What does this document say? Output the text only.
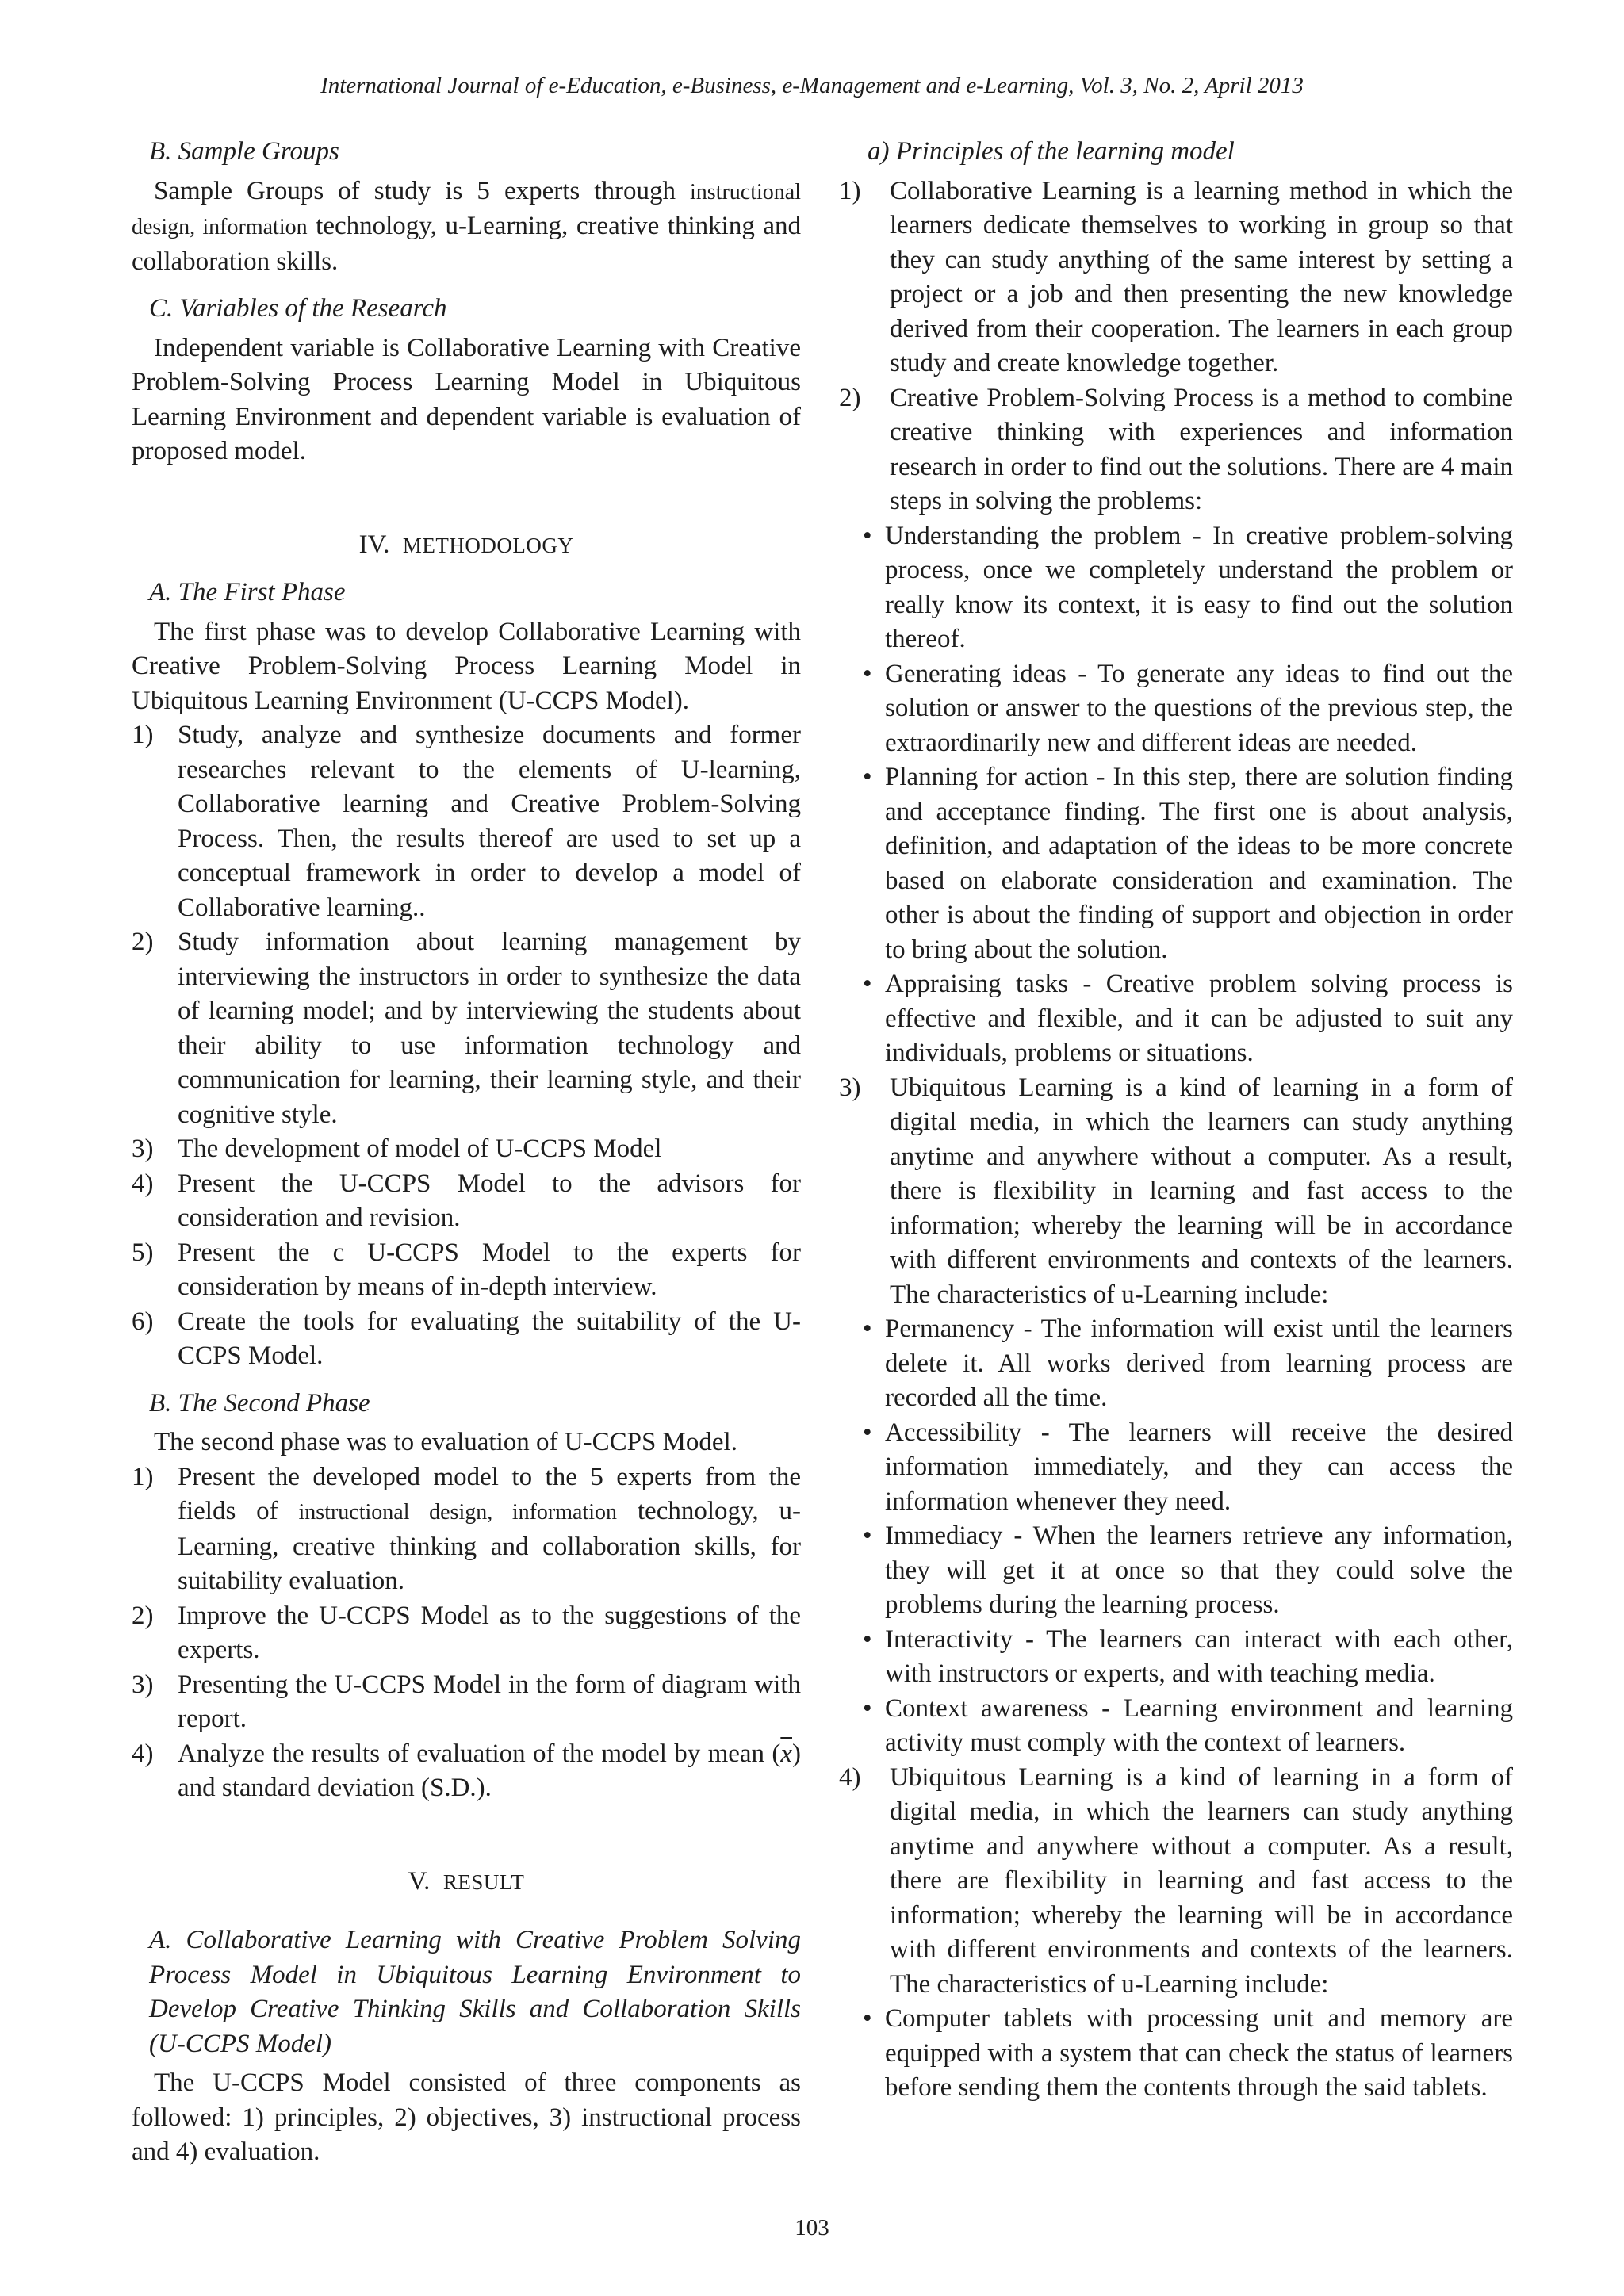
International Journal of e-Education, e-Business, e-Management and e-Learning, Vol. 3, No. 2, April 2013
B. Sample Groups

Sample Groups of study is 5 experts through instructional design, information technology, u-Learning, creative thinking and collaboration skills.

C. Variables of the Research

Independent variable is Collaborative Learning with Creative Problem-Solving Process Learning Model in Ubiquitous Learning Environment and dependent variable is evaluation of proposed model.

IV. METHODOLOGY
A. The First Phase

The first phase was to develop Collaborative Learning with Creative Problem-Solving Process Learning Model in Ubiquitous Learning Environment (U-CCPS Model).

1) Study, analyze and synthesize documents and former researches relevant to the elements of U-learning, Collaborative learning and Creative Problem-Solving Process. Then, the results thereof are used to set up a conceptual framework in order to develop a model of Collaborative learning..
2) Study information about learning management by interviewing the instructors in order to synthesize the data of learning model; and by interviewing the students about their ability to use information technology and communication for learning, their learning style, and their cognitive style.
3) The development of model of U-CCPS Model
4) Present the U-CCPS Model to the advisors for consideration and revision.
5) Present the c U-CCPS Model to the experts for consideration by means of in-depth interview.
6) Create the tools for evaluating the suitability of the U-CCPS Model.
B. The Second Phase

The second phase was to evaluation of U-CCPS Model.

1) Present the developed model to the 5 experts from the fields of instructional design, information technology, u-Learning, creative thinking and collaboration skills, for suitability evaluation.
2) Improve the U-CCPS Model as to the suggestions of the experts.
3) Presenting the U-CCPS Model in the form of diagram with report.
4) Analyze the results of evaluation of the model by mean $(\overline{x})$ and standard deviation (S.D.).
V. RESULT
A. Collaborative Learning with Creative Problem Solving Process Model in Ubiquitous Learning Environment to Develop Creative Thinking Skills and Collaboration Skills (U-CCPS Model)

The U-CCPS Model consisted of three components as followed: 1) principles, 2) objectives, 3) instructional process and 4) evaluation.

a) Principles of the learning model
1)	Collaborative Learning is a learning method in which the learners dedicate themselves to working in group so that they can study anything of the same interest by setting a project or a job and then presenting the new knowledge derived from their cooperation. The learners in each group study and create knowledge together.
2)	Creative Problem-Solving Process is a method to combine creative thinking with experiences and information research in order to find out the solutions. There are 4 main steps in solving the problems:
• Understanding the problem - In creative problem-solving process, once we completely understand the problem or really know its context, it is easy to find out the solution thereof.
• Generating ideas - To generate any ideas to find out the solution or answer to the questions of the previous step, the extraordinarily new and different ideas are needed.
• Planning for action - In this step, there are solution finding and acceptance finding. The first one is about analysis, definition, and adaptation of the ideas to be more concrete based on elaborate consideration and examination. The other is about the finding of support and objection in order to bring about the solution.
• Appraising tasks - Creative problem solving process is effective and flexible, and it can be adjusted to suit any individuals, problems or situations.
3)	Ubiquitous Learning is a kind of learning in a form of digital media, in which the learners can study anything anytime and anywhere without a computer. As a result, there is flexibility in learning and fast access to the information; whereby the learning will be in accordance with different environments and contexts of the learners. The characteristics of u-Learning include:
• Permanency - The information will exist until the learners delete it. All works derived from learning process are recorded all the time.
• Accessibility - The learners will receive the desired information immediately, and they can access the information whenever they need.
• Immediacy - When the learners retrieve any information, they will get it at once so that they could solve the problems during the learning process.
• Interactivity - The learners can interact with each other, with instructors or experts, and with teaching media.
• Context awareness - Learning environment and learning activity must comply with the context of learners.
4)	Ubiquitous Learning is a kind of learning in a form of digital media, in which the learners can study anything anytime and anywhere without a computer. As a result, there are flexibility in learning and fast access to the information; whereby the learning will be in accordance with different environments and contexts of the learners. The characteristics of u-Learning include:
• Computer tablets with processing unit and memory are equipped with a system that can check the status of learners before sending them the contents through the said tablets.
103
